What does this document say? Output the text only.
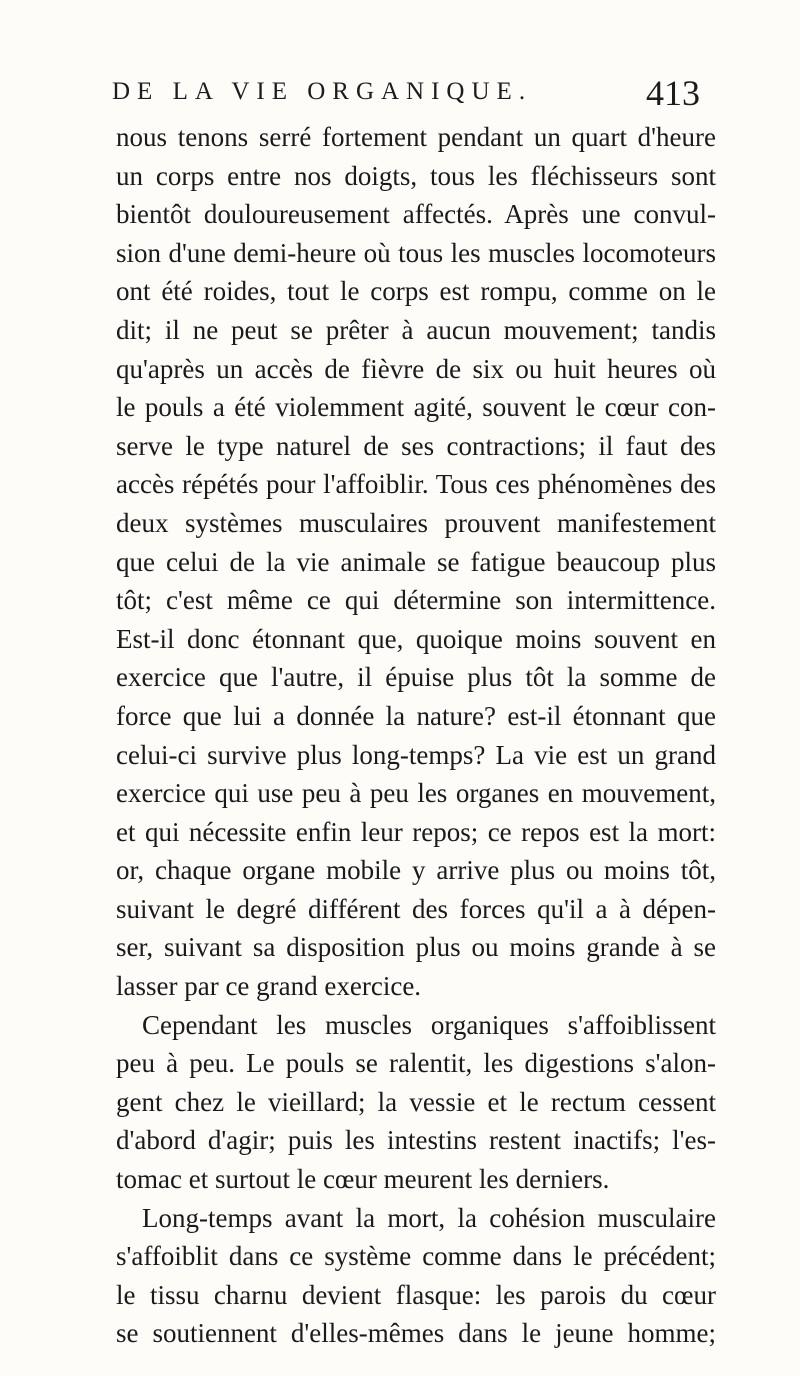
DE LA VIE ORGANIQUE.	413
nous tenons serré fortement pendant un quart d'heure
un corps entre nos doigts, tous les fléchisseurs sont
bientôt douloureusement affectés. Après une convul-
sion d'une demi-heure où tous les muscles locomoteurs
ont été roides, tout le corps est rompu, comme on le
dit; il ne peut se prêter à aucun mouvement; tandis
qu'après un accès de fièvre de six ou huit heures où
le pouls a été violemment agité, souvent le cœur con-
serve le type naturel de ses contractions; il faut des
accès répétés pour l'affoiblir. Tous ces phénomènes des
deux systèmes musculaires prouvent manifestement
que celui de la vie animale se fatigue beaucoup plus
tôt; c'est même ce qui détermine son intermittence.
Est-il donc étonnant que, quoique moins souvent en
exercice que l'autre, il épuise plus tôt la somme de
force que lui a donnée la nature? est-il étonnant que
celui-ci survive plus long-temps? La vie est un grand
exercice qui use peu à peu les organes en mouvement,
et qui nécessite enfin leur repos; ce repos est la mort:
or, chaque organe mobile y arrive plus ou moins tôt,
suivant le degré différent des forces qu'il a à dépen-
ser, suivant sa disposition plus ou moins grande à se
lasser par ce grand exercice.
Cependant les muscles organiques s'affoiblissent
peu à peu. Le pouls se ralentit, les digestions s'alon-
gent chez le vieillard; la vessie et le rectum cessent
d'abord d'agir; puis les intestins restent inactifs; l'es-
tomac et surtout le cœur meurent les derniers.
Long-temps avant la mort, la cohésion musculaire
s'affoiblit dans ce système comme dans le précédent;
le tissu charnu devient flasque: les parois du cœur
se soutiennent d'elles-mêmes dans le jeune homme;
